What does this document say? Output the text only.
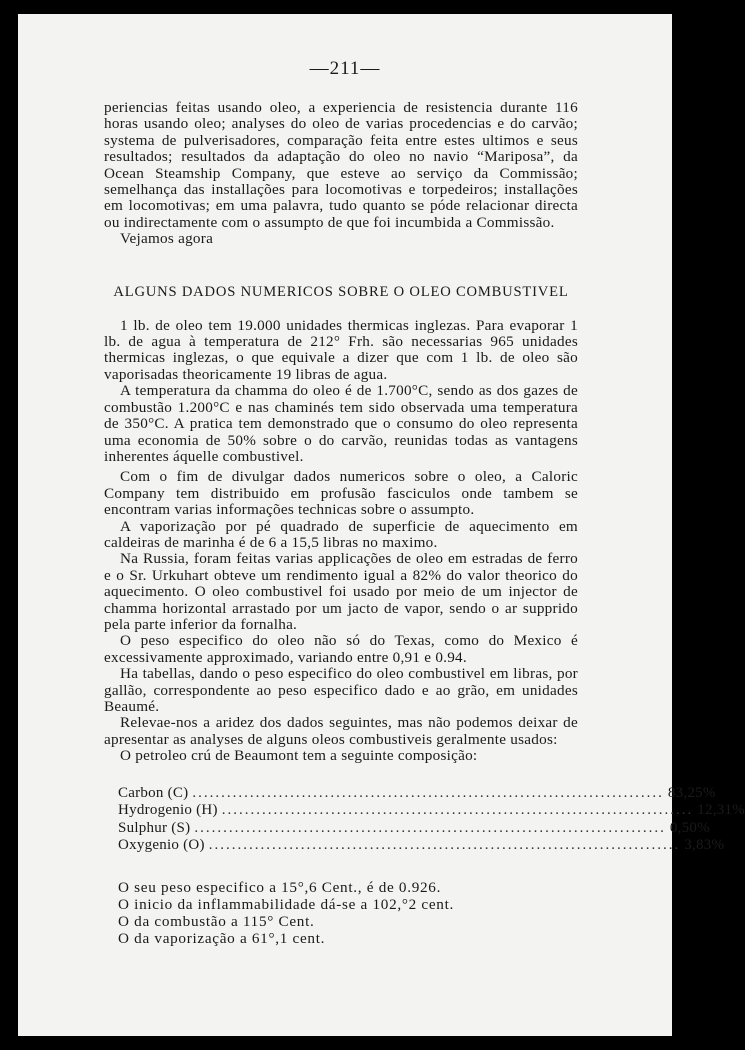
—211—

periencias feitas usando oleo, a experiencia de resistencia durante 116 horas usando oleo; analyses do oleo de varias procedencias e do carvão; systema de pulverisadores, comparação feita entre estes ultimos e seus resultados; resultados da adaptação do oleo no navio “Mariposa”, da Ocean Steamship Company, que esteve ao serviço da Commissão; semelhança das installações para locomotivas e torpedeiros; installações em locomotivas; em uma palavra, tudo quanto se póde relacionar directa ou indirectamente com o assumpto de que foi incumbida a Commissão.

Vejamos agora

ALGUNS DADOS NUMERICOS SOBRE O OLEO COMBUSTIVEL

1 lb. de oleo tem 19.000 unidades thermicas inglezas. Para evaporar 1 lb. de agua à temperatura de 212° Frh. são necessarias 965 unidades thermicas inglezas, o que equivale a dizer que com 1 lb. de oleo são vaporisadas theoricamente 19 libras de agua.

A temperatura da chamma do oleo é de 1.700°C, sendo as dos gazes de combustão 1.200°C e nas chaminés tem sido observada uma temperatura de 350°C. A pratica tem demonstrado que o consumo do oleo representa uma economia de 50% sobre o do carvão, reunidas todas as vantagens inherentes áquelle combustivel.

Com o fim de divulgar dados numericos sobre o oleo, a Caloric Company tem distribuido em profusão fasciculos onde tambem se encontram varias informações technicas sobre o assumpto.

A vaporização por pé quadrado de superficie de aquecimento em caldeiras de marinha é de 6 a 15,5 libras no maximo.

Na Russia, foram feitas varias applicações de oleo em estradas de ferro e o Sr. Urkuhart obteve um rendimento igual a 82% do valor theorico do aquecimento. O oleo combustivel foi usado por meio de um injector de chamma horizontal arrastado por um jacto de vapor, sendo o ar supprido pela parte inferior da fornalha.

O peso especifico do oleo não só do Texas, como do Mexico é excessivamente approximado, variando entre 0,91 e 0.94.

Ha tabellas, dando o peso especifico do oleo combustivel em libras, por gallão, correspondente ao peso especifico dado e ao grão, em unidades Beaumé.

Relevae-nos a aridez dos dados seguintes, mas não podemos deixar de apresentar as analyses de alguns oleos combustiveis geralmente usados:

O petroleo crú de Beaumont tem a seguinte composição:

Carbon (C) .................................................................................. 83,25%
Hydrogenio (H) .................................................................................. 12,31%
Sulphur (S) .................................................................................. 0,50%
Oxygenio (O) .................................................................................. 3,83%

O seu peso especifico a 15°,6 Cent., é de 0.926.

O inicio da inflammabilidade dá-se a 102,°2 cent.

O da combustão a 115° Cent.

O da vaporização a 61°,1 cent.
